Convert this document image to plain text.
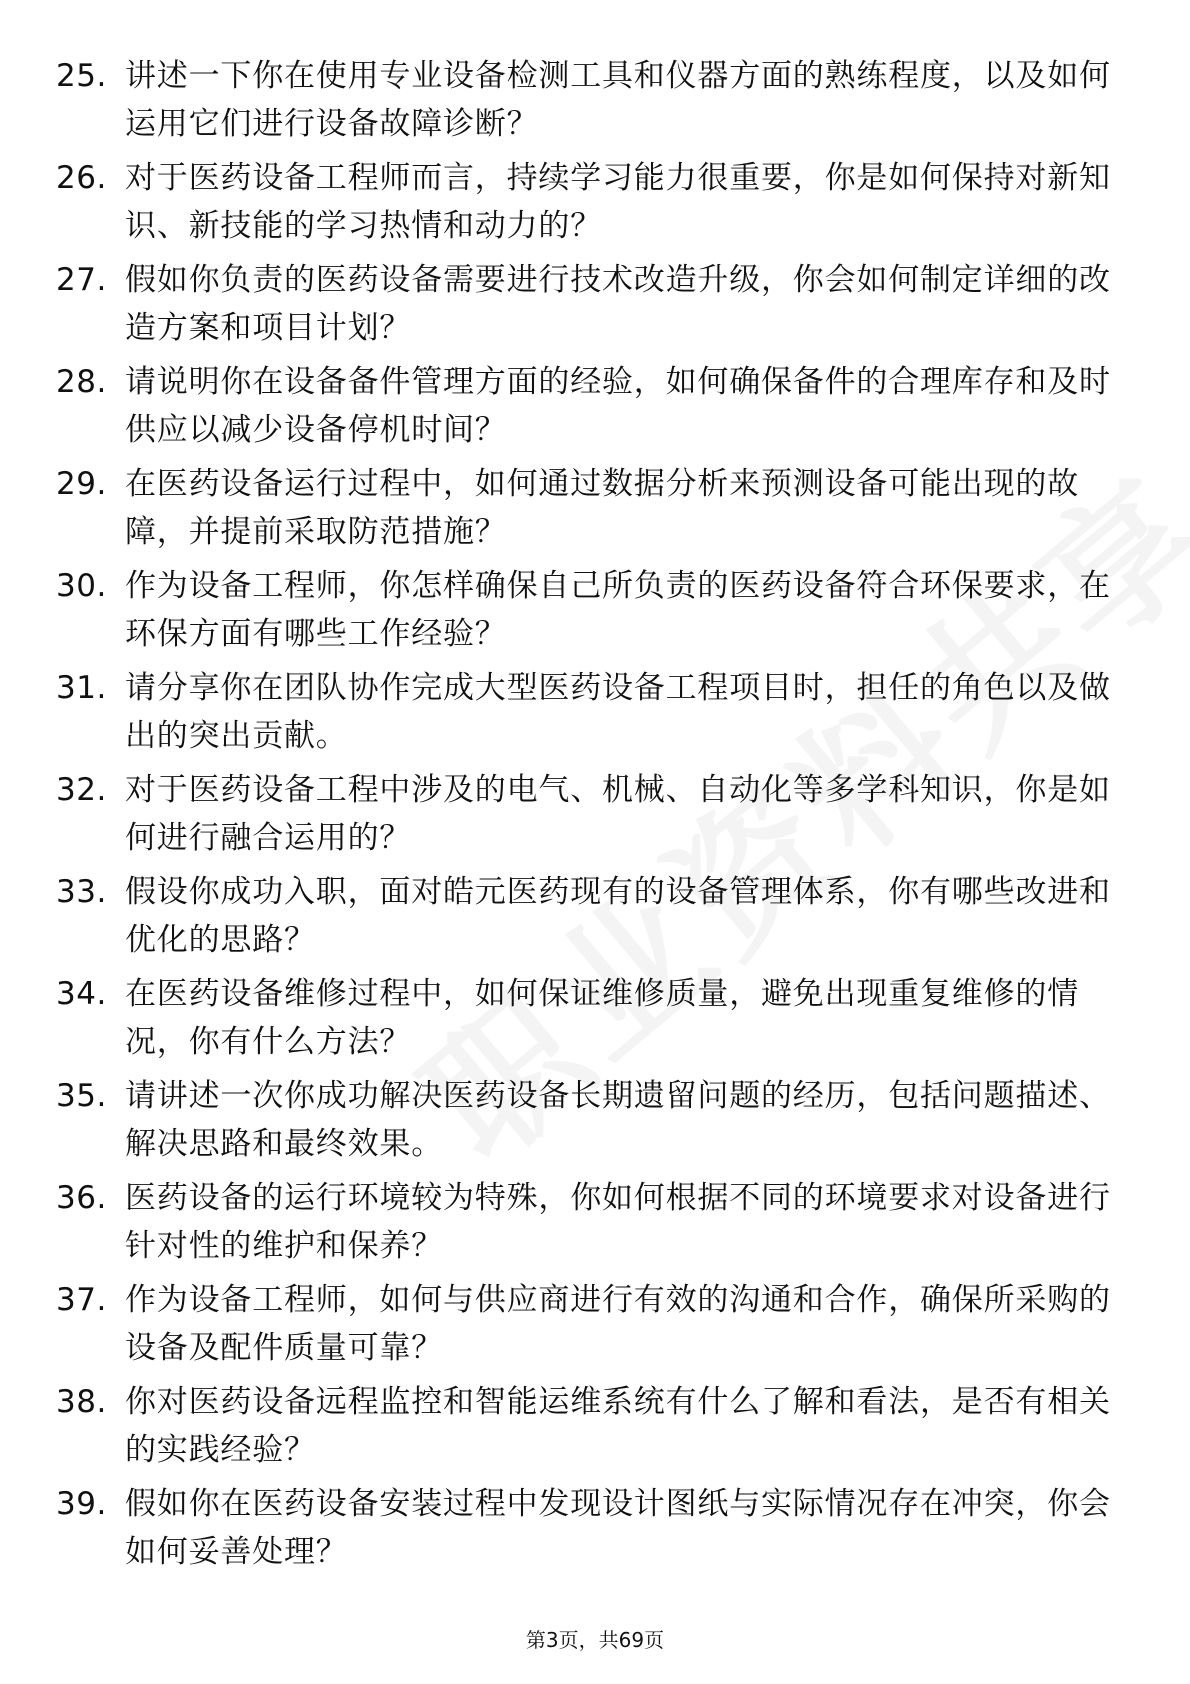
25. 讲述一下你在使用专业设备检测工具和仪器方面的熟练程度，以及如何运用它们进行设备故障诊断？
26. 对于医药设备工程师而言，持续学习能力很重要，你是如何保持对新知识、新技能的学习热情和动力的？
27. 假如你负责的医药设备需要进行技术改造升级，你会如何制定详细的改造方案和项目计划？
28. 请说明你在设备备件管理方面的经验，如何确保备件的合理库存和及时供应以减少设备停机时间？
29. 在医药设备运行过程中，如何通过数据分析来预测设备可能出现的故障，并提前采取防范措施？
30. 作为设备工程师，你怎样确保自己所负责的医药设备符合环保要求，在环保方面有哪些工作经验？
31. 请分享你在团队协作完成大型医药设备工程项目时，担任的角色以及做出的突出贡献。
32. 对于医药设备工程中涉及的电气、机械、自动化等多学科知识，你是如何进行融合运用的？
33. 假设你成功入职，面对皓元医药现有的设备管理体系，你有哪些改进和优化的思路？
34. 在医药设备维修过程中，如何保证维修质量，避免出现重复维修的情况，你有什么方法？
35. 请讲述一次你成功解决医药设备长期遗留问题的经历，包括问题描述、解决思路和最终效果。
36. 医药设备的运行环境较为特殊，你如何根据不同的环境要求对设备进行针对性的维护和保养？
37. 作为设备工程师，如何与供应商进行有效的沟通和合作，确保所采购的设备及配件质量可靠？
38. 你对医药设备远程监控和智能运维系统有什么了解和看法，是否有相关的实践经验？
39. 假如你在医药设备安装过程中发现设计图纸与实际情况存在冲突，你会如何妥善处理？
第3页，共69页
